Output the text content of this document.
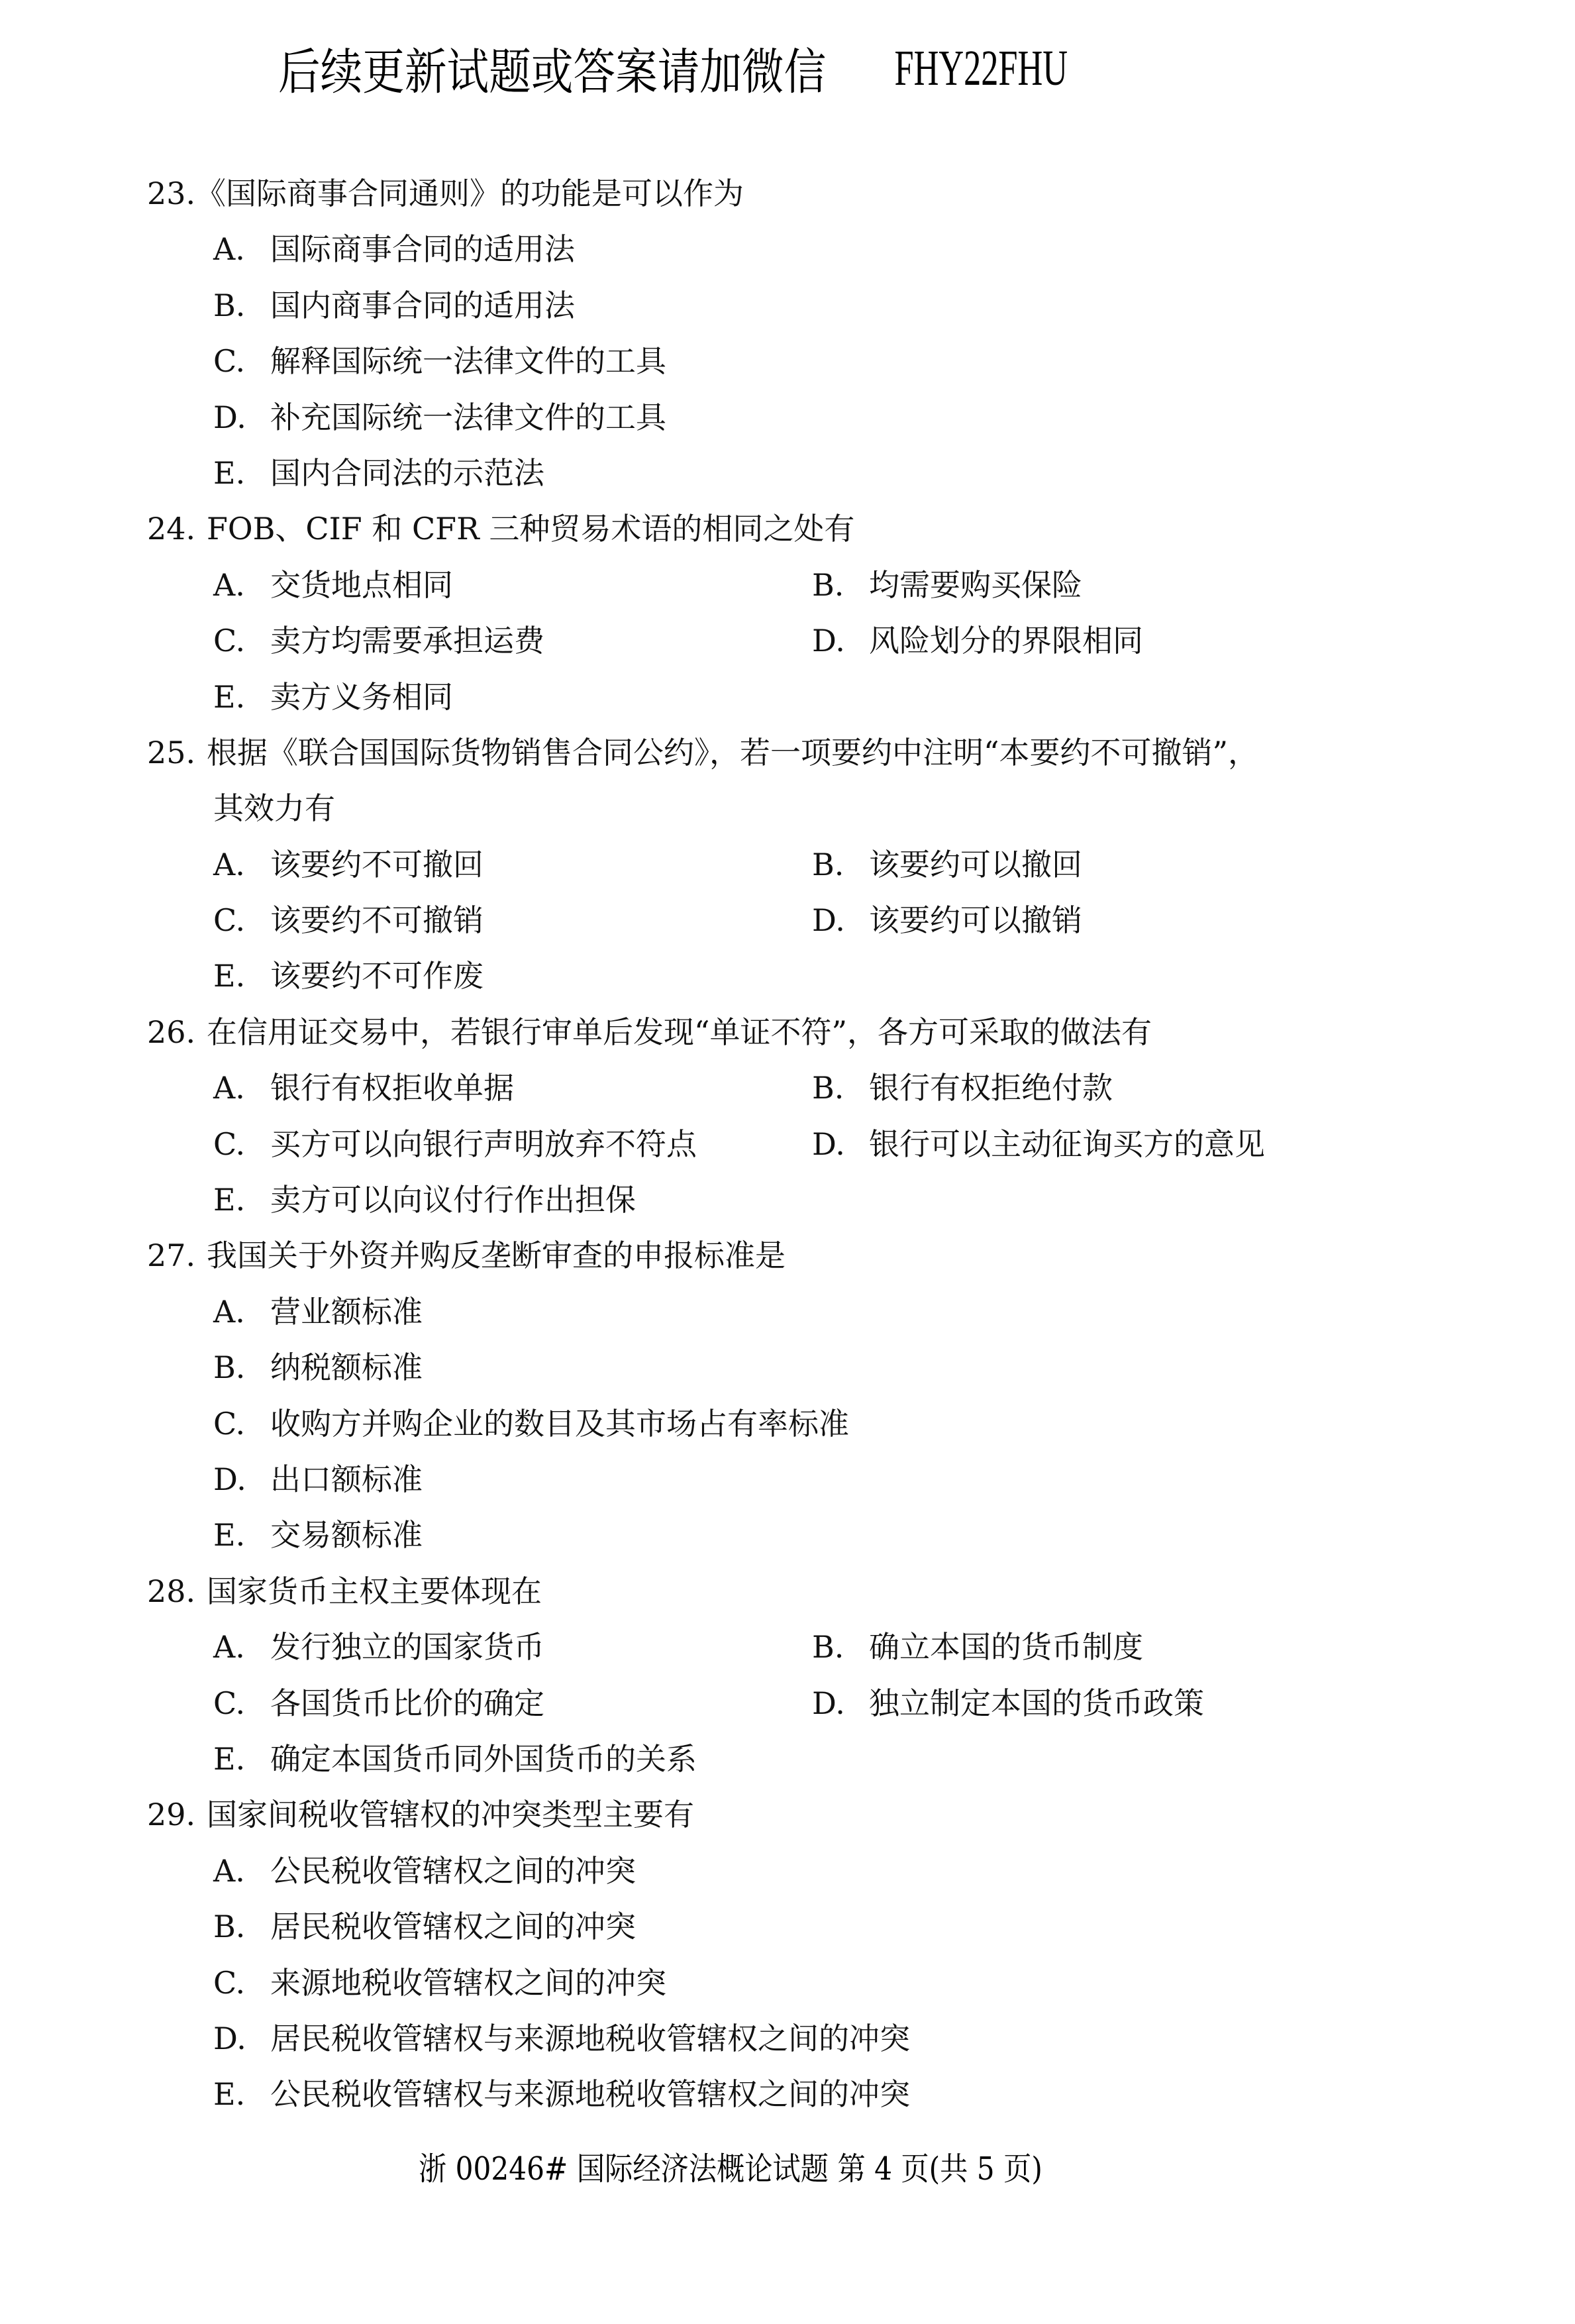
后续更新试题或答案请加微信 FHY22FHU
23. 《国际商事合同通则》的功能是可以作为
A. 国际商事合同的适用法
B. 国内商事合同的适用法
C. 解释国际统一法律文件的工具
D. 补充国际统一法律文件的工具
E. 国内合同法的示范法
24. FOB、CIF 和 CFR 三种贸易术语的相同之处有
A. 交货地点相同	B. 均需要购买保险
C. 卖方均需要承担运费	D. 风险划分的界限相同
E. 卖方义务相同
25. 根据《联合国国际货物销售合同公约》，若一项要约中注明“本要约不可撤销”，
其效力有
A. 该要约不可撤回	B. 该要约可以撤回
C. 该要约不可撤销	D. 该要约可以撤销
E. 该要约不可作废
26. 在信用证交易中，若银行审单后发现“单证不符”，各方可采取的做法有
A. 银行有权拒收单据	B. 银行有权拒绝付款
C. 买方可以向银行声明放弃不符点	D. 银行可以主动征询买方的意见
E. 卖方可以向议付行作出担保
27. 我国关于外资并购反垄断审查的申报标准是
A. 营业额标准
B. 纳税额标准
C. 收购方并购企业的数目及其市场占有率标准
D. 出口额标准
E. 交易额标准
28. 国家货币主权主要体现在
A. 发行独立的国家货币	B. 确立本国的货币制度
C. 各国货币比价的确定	D. 独立制定本国的货币政策
E. 确定本国货币同外国货币的关系
29. 国家间税收管辖权的冲突类型主要有
A. 公民税收管辖权之间的冲突
B. 居民税收管辖权之间的冲突
C. 来源地税收管辖权之间的冲突
D. 居民税收管辖权与来源地税收管辖权之间的冲突
E. 公民税收管辖权与来源地税收管辖权之间的冲突
浙 00246# 国际经济法概论试题 第 4 页(共 5 页)
